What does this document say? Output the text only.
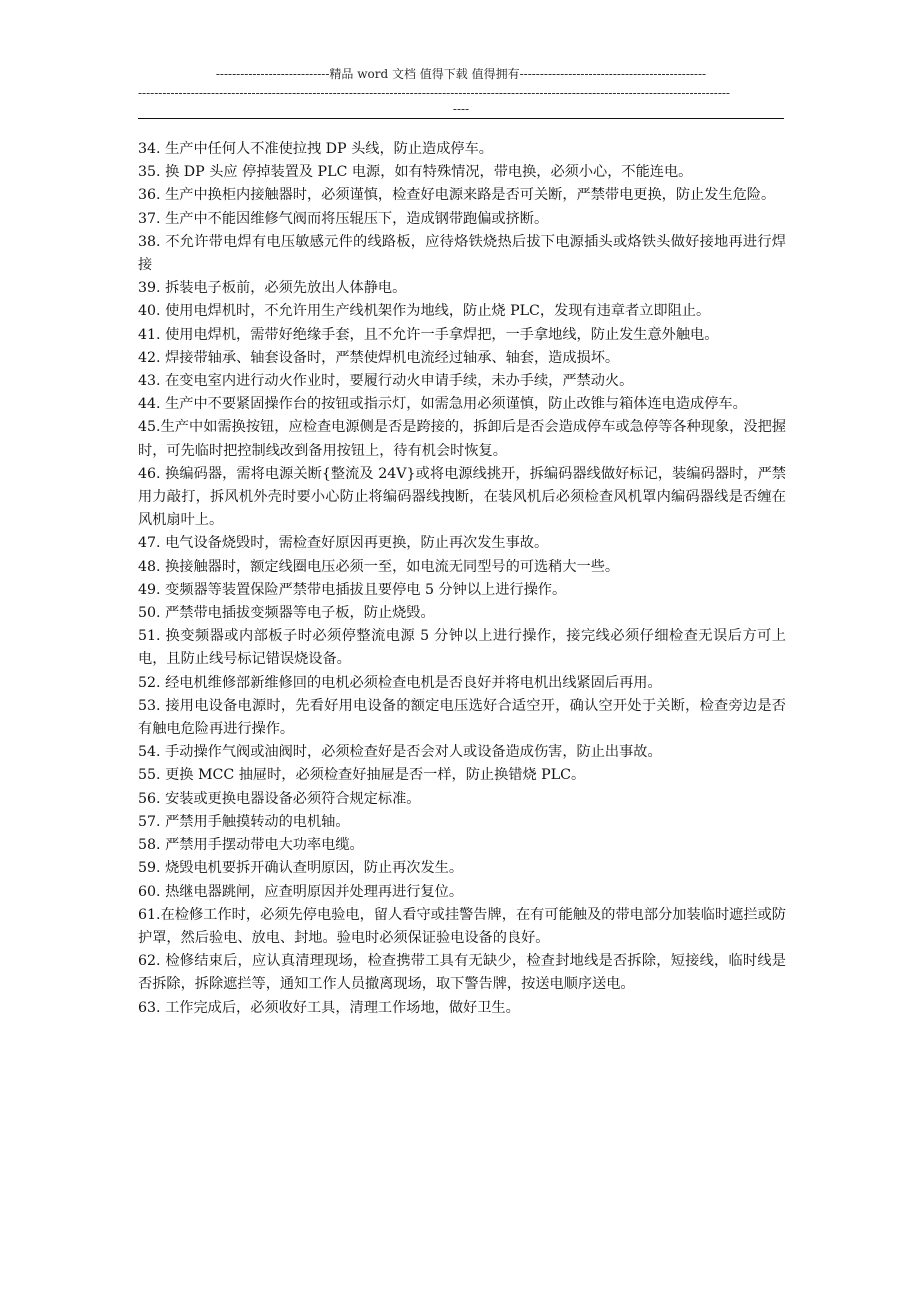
----------------------------精品 word 文档 值得下载 值得拥有----------------------------------------------
--------------------------------------------------------------------------------------------------------------------------------------------------
----

34. 生产中任何人不准使拉拽 DP 头线，防止造成停车。

35. 换 DP 头应 停掉装置及 PLC 电源，如有特殊情况，带电换，必须小心，不能连电。

36. 生产中换柜内接触器时，必须谨慎，检查好电源来路是否可关断，严禁带电更换，防止发生危险。

37. 生产中不能因维修气阀而将压辊压下，造成钢带跑偏或挤断。

38. 不允许带电焊有电压敏感元件的线路板，应待烙铁烧热后拔下电源插头或烙铁头做好接地再进行焊接

39. 拆装电子板前，必须先放出人体静电。

40. 使用电焊机时，不允许用生产线机架作为地线，防止烧 PLC，发现有违章者立即阻止。

41. 使用电焊机，需带好绝缘手套，且不允许一手拿焊把，一手拿地线，防止发生意外触电。

42. 焊接带轴承、轴套设备时，严禁使焊机电流经过轴承、轴套，造成损坏。

43. 在变电室内进行动火作业时，要履行动火申请手续，未办手续，严禁动火。

44. 生产中不要紧固操作台的按钮或指示灯，如需急用必须谨慎，防止改锥与箱体连电造成停车。

45.生产中如需换按钮，应检查电源侧是否是跨接的，拆卸后是否会造成停车或急停等各种现象，没把握时，可先临时把控制线改到备用按钮上，待有机会时恢复。

46. 换编码器，需将电源关断{整流及 24V}或将电源线挑开，拆编码器线做好标记，装编码器时，严禁用力敲打，拆风机外壳时要小心防止将编码器线拽断，在装风机后必须检查风机罩内编码器线是否缠在风机扇叶上。

47. 电气设备烧毁时，需检查好原因再更换，防止再次发生事故。

48. 换接触器时，额定线圈电压必须一至，如电流无同型号的可选稍大一些。

49. 变频器等装置保险严禁带电插拔且要停电 5 分钟以上进行操作。

50. 严禁带电插拔变频器等电子板，防止烧毁。

51. 换变频器或内部板子时必须停整流电源 5 分钟以上进行操作，接完线必须仔细检查无误后方可上电，且防止线号标记错误烧设备。

52. 经电机维修部新维修回的电机必须检查电机是否良好并将电机出线紧固后再用。

53. 接用电设备电源时，先看好用电设备的额定电压选好合适空开，确认空开处于关断，检查旁边是否有触电危险再进行操作。

54. 手动操作气阀或油阀时，必须检查好是否会对人或设备造成伤害，防止出事故。

55. 更换 MCC 抽屉时，必须检查好抽屉是否一样，防止换错烧 PLC。

56. 安装或更换电器设备必须符合规定标准。

57. 严禁用手触摸转动的电机轴。

58. 严禁用手摆动带电大功率电缆。

59. 烧毁电机要拆开确认查明原因，防止再次发生。

60. 热继电器跳闸，应查明原因并处理再进行复位。

61.在检修工作时，必须先停电验电，留人看守或挂警告牌，在有可能触及的带电部分加装临时遮拦或防护罩，然后验电、放电、封地。验电时必须保证验电设备的良好。

62. 检修结束后，应认真清理现场，检查携带工具有无缺少，检查封地线是否拆除，短接线，临时线是否拆除，拆除遮拦等，通知工作人员撤离现场，取下警告牌，按送电顺序送电。

63. 工作完成后，必须收好工具，清理工作场地，做好卫生。
